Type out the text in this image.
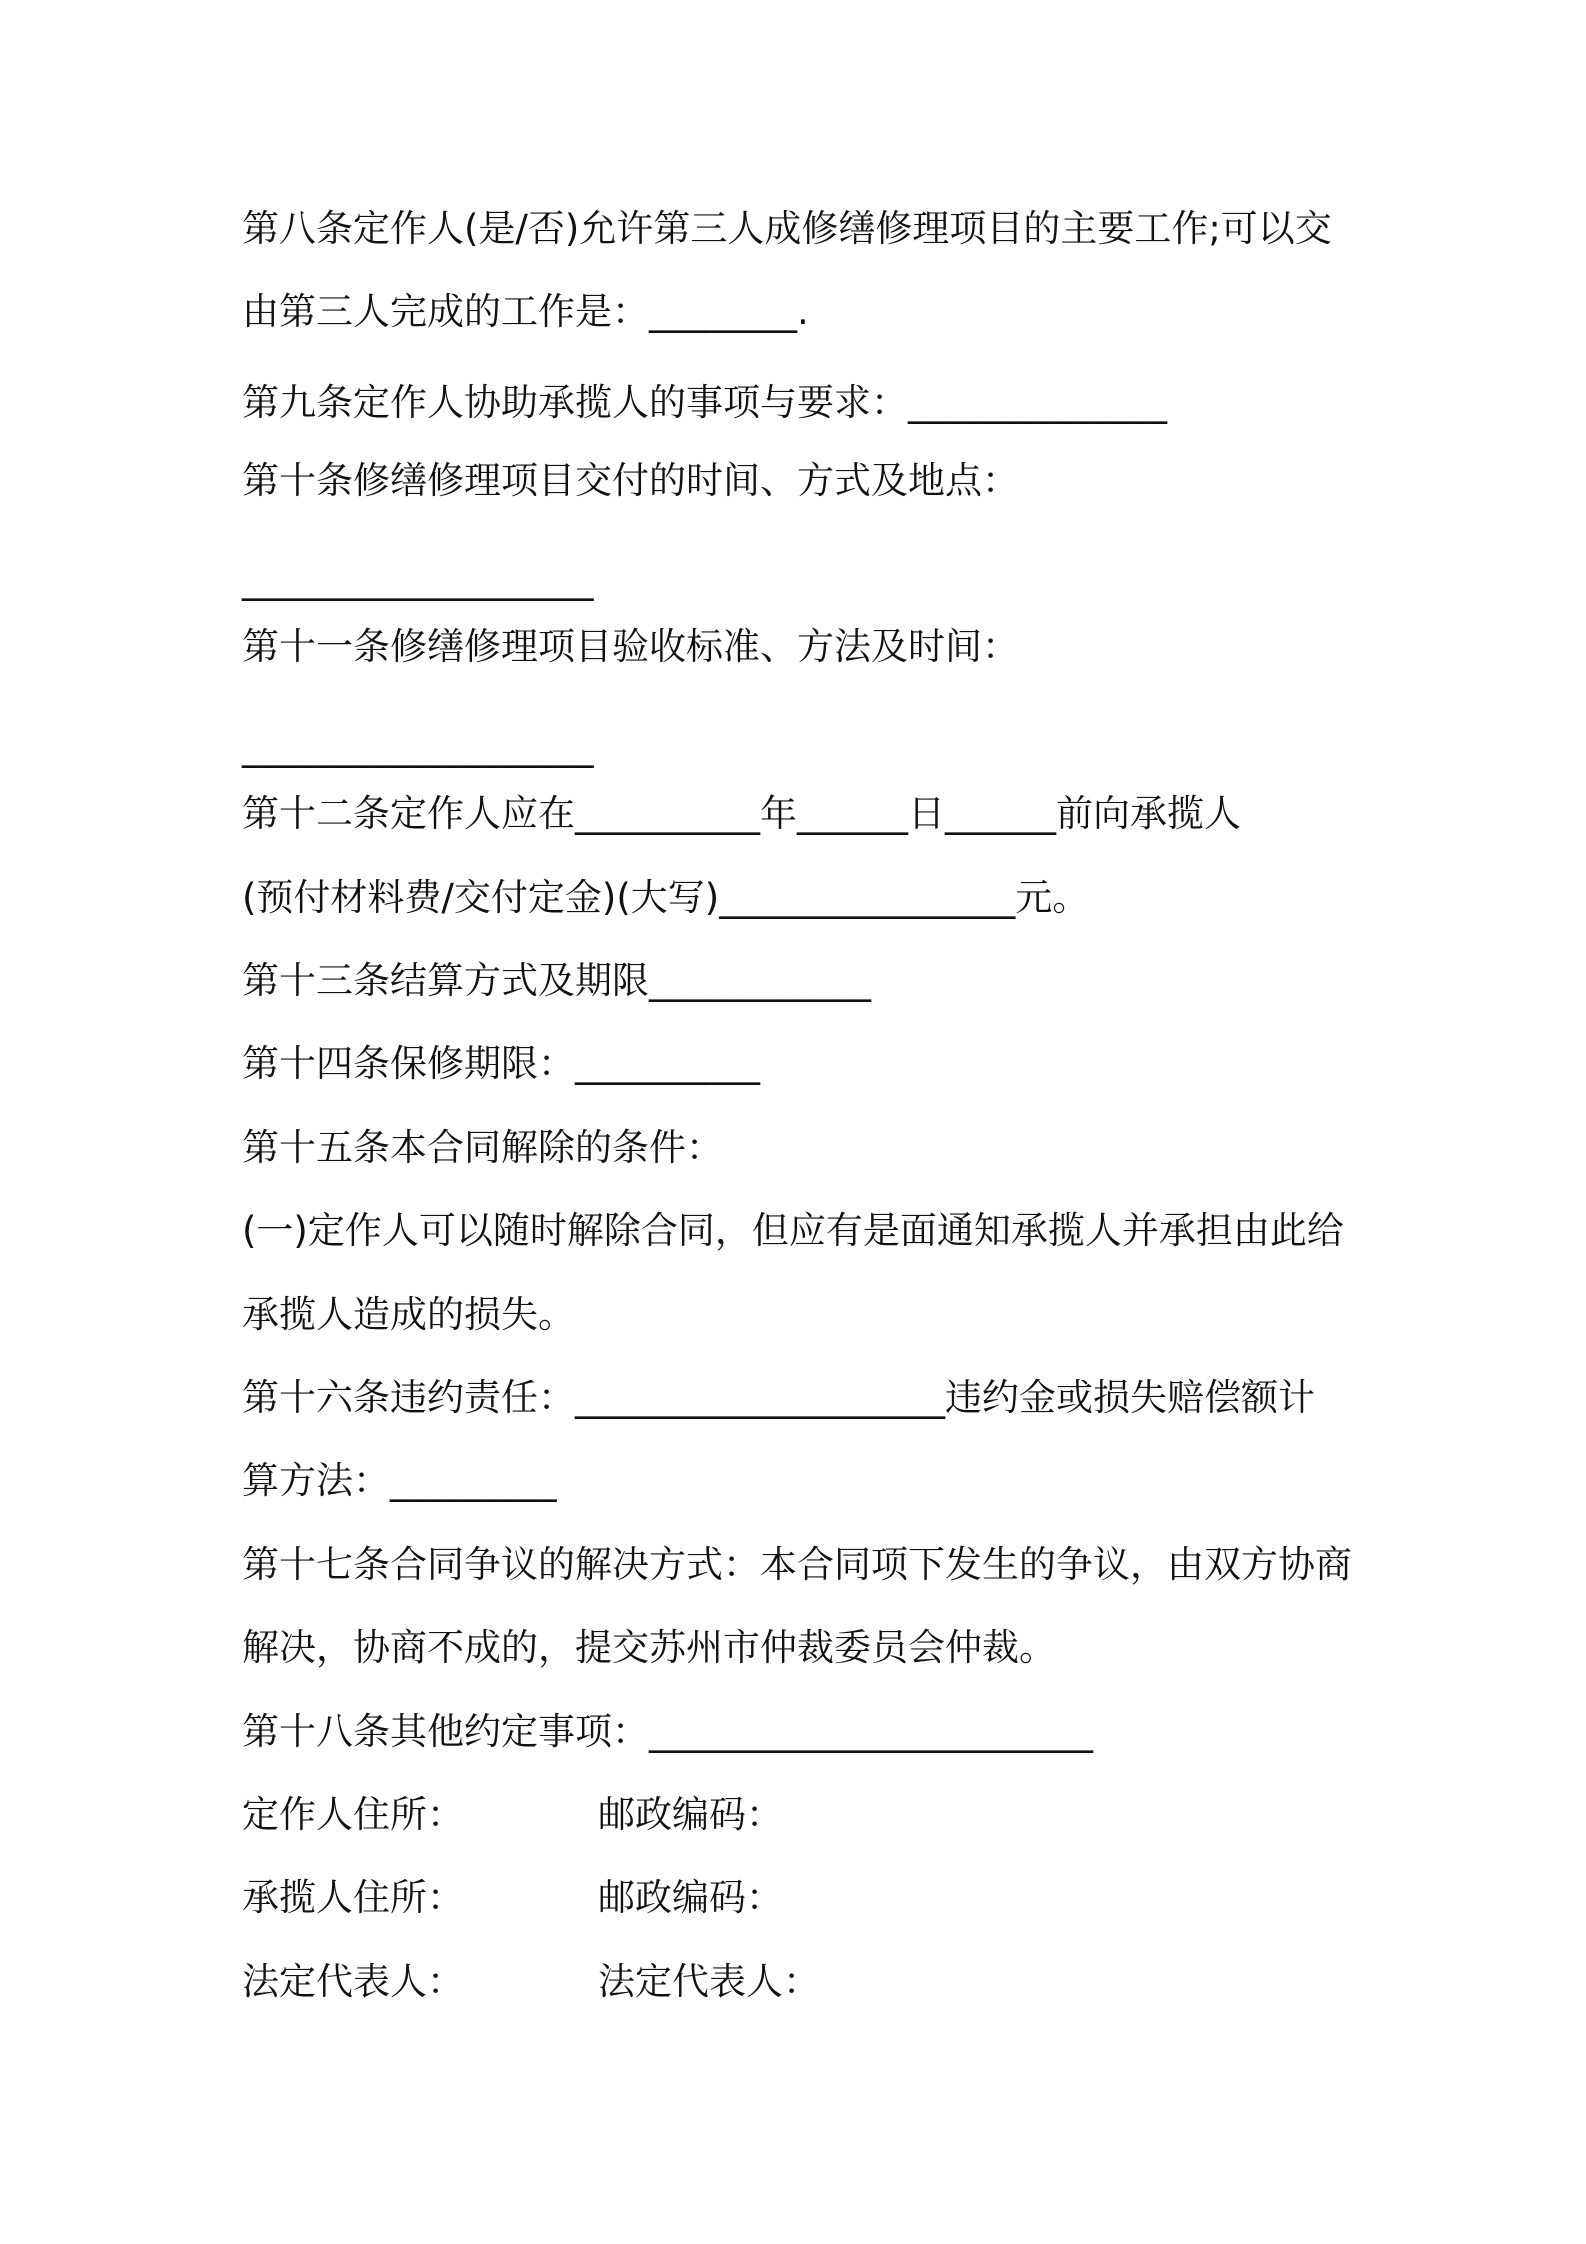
第八条定作人(是/否)允许第三人成修缮修理项目的主要工作;可以交
由第三人完成的工作是：________.
第九条定作人协助承揽人的事项与要求：______________
第十条修缮修理项目交付的时间、方式及地点：
___________________
第十一条修缮修理项目验收标准、方法及时间：
___________________
第十二条定作人应在__________年______日______前向承揽人
(预付材料费/交付定金)(大写)________________元。
第十三条结算方式及期限____________
第十四条保修期限：__________
第十五条本合同解除的条件：
(一)定作人可以随时解除合同，但应有是面通知承揽人并承担由此给
承揽人造成的损失。
第十六条违约责任：____________________违约金或损失赔偿额计
算方法：_________
第十七条合同争议的解决方式：本合同项下发生的争议，由双方协商
解决，协商不成的，提交苏州市仲裁委员会仲裁。
第十八条其他约定事项：________________________
定作人住所：	邮政编码：
承揽人住所：	邮政编码：
法定代表人：	法定代表人：
